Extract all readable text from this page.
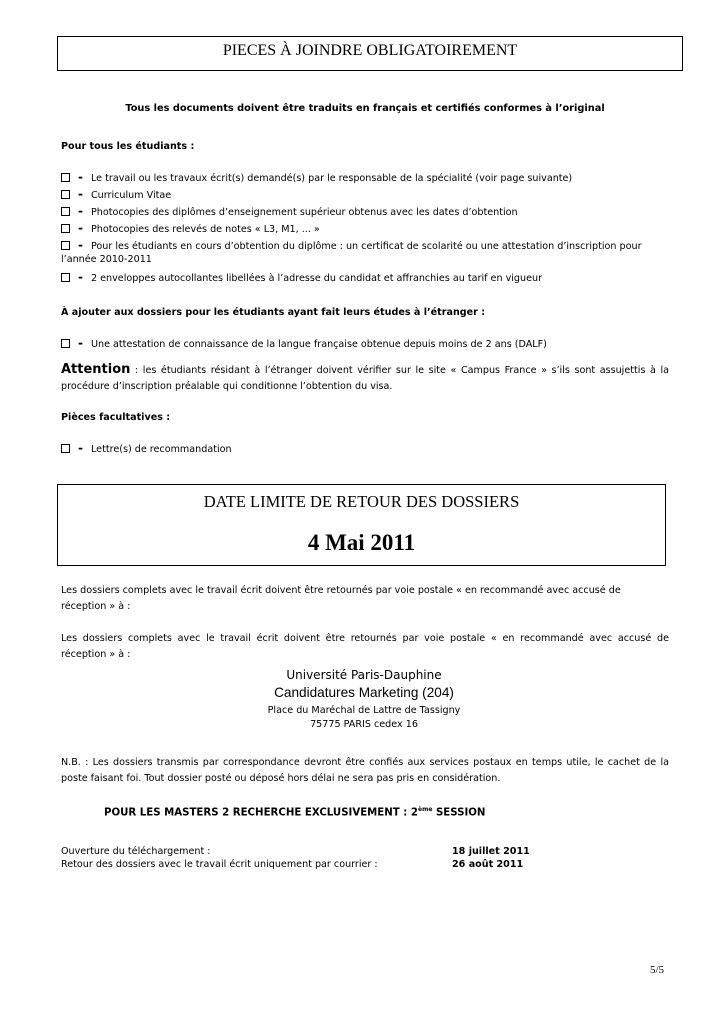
PIECES À JOINDRE OBLIGATOIREMENT
Tous les documents doivent être traduits en français et certifiés conformes à l’original
Pour tous les étudiants :
- Le travail ou les travaux écrit(s) demandé(s) par le responsable de la spécialité (voir page suivante)
- Curriculum Vitae
- Photocopies des diplômes d’enseignement supérieur obtenus avec les dates d’obtention
- Photocopies des relevés de notes « L3, M1, ... »
- Pour les étudiants en cours d’obtention du diplôme : un certificat de scolarité ou une attestation d’inscription pour
l’année 2010-2011
- 2 enveloppes autocollantes libellées à l’adresse du candidat et affranchies au tarif en vigueur
À ajouter aux dossiers pour les étudiants ayant fait leurs études à l’étranger :
- Une attestation de connaissance de la langue française obtenue depuis moins de 2 ans (DALF)
Attention : les étudiants résidant à l’étranger doivent vérifier sur le site « Campus France » s’ils sont assujettis à la procédure d’inscription préalable qui conditionne l’obtention du visa.
Pièces facultatives :
- Lettre(s) de recommandation
DATE LIMITE DE RETOUR DES DOSSIERS
4 Mai 2011
Les dossiers complets avec le travail écrit doivent être retournés par voie postale « en recommandé avec accusé de réception » à :
Les dossiers complets avec le travail écrit doivent être retournés par voie postale « en recommandé avec accusé de réception » à :
Université Paris-Dauphine
Candidatures Marketing (204)
Place du Maréchal de Lattre de Tassigny
75775 PARIS cedex 16
N.B. : Les dossiers transmis par correspondance devront être confiés aux services postaux en temps utile, le cachet de la poste faisant foi. Tout dossier posté ou déposé hors délai ne sera pas pris en considération.
POUR LES MASTERS 2 RECHERCHE EXCLUSIVEMENT : 2ème SESSION
Ouverture du téléchargement :	18 juillet 2011
Retour des dossiers avec le travail écrit uniquement par courrier :	26 août 2011
5/5
